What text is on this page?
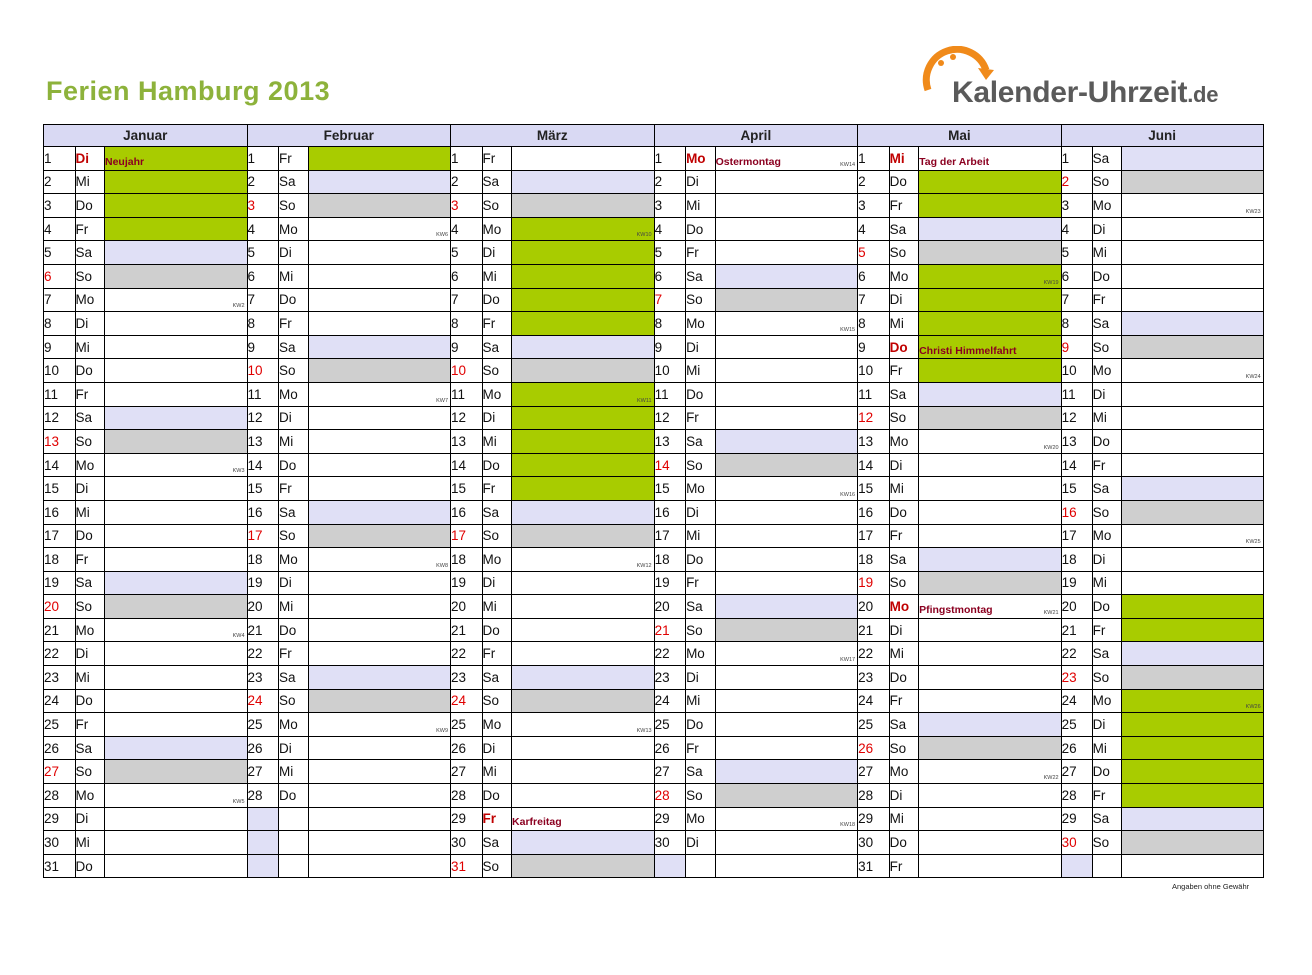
Ferien Hamburg 2013	Kalender-Uhrzeit.de
Januar			Februar			März			April			Mai			Juni		
1	Di	Neujahr	1	Fr		1	Fr		1	Mo	Ostermontag KW14	1	Mi	Tag der Arbeit	1	Sa	
2	Mi		2	Sa		2	Sa		2	Di		2	Do		2	So	
3	Do		3	So		3	So		3	Mi		3	Fr		3	Mo	KW23

4	Fr		4	Mo	KW6	4	Mo	KW10	4	Do		4	Sa		4	Di	
5	Sa		5	Di		5	Di		5	Fr		5	So		5	Mi	
6	So		6	Mi		6	Mi		6	Sa		6	Mo	KW19	6	Do	
7	Mo	KW2	7	Do		7	Do		7	So		7	Di		7	Fr	
8	Di		8	Fr		8	Fr		8	Mo	KW15	8	Mi		8	Sa	
9	Mi		9	Sa		9	Sa		9	Di		9	Do	Christi Himmelfahrt	9	So	
10	Do		10	So		10	So		10	Mi		10	Fr		10	Mo	KW24

11	Fr		11	Mo	KW7	11	Mo	KW11	11	Do		11	Sa		11	Di	
12	Sa		12	Di		12	Di		12	Fr		12	So		12	Mi	
13	So		13	Mi		13	Mi		13	Sa		13	Mo	KW20	13	Do	
14	Mo	KW3	14	Do		14	Do		14	So		14	Di		14	Fr	
15	Di		15	Fr		15	Fr		15	Mo	KW16	15	Mi		15	Sa	
16	Mi		16	Sa		16	Sa		16	Di		16	Do		16	So	
17	Do		17	So		17	So		17	Mi		17	Fr		17	Mo	KW25

18	Fr		18	Mo	KW8	18	Mo	KW12	18	Do		18	Sa		18	Di	
19	Sa		19	Di		19	Di		19	Fr		19	So		19	Mi	
20	So		20	Mi		20	Mi		20	Sa		20	Mo	Pfingstmontag KW21	20	Do	
21	Mo	KW4	21	Do		21	Do		21	So		21	Di		21	Fr	
22	Di		22	Fr		22	Fr		22	Mo	KW17	22	Mi		22	Sa	
23	Mi		23	Sa		23	Sa		23	Di		23	Do		23	So	
24	Do		24	So		24	So		24	Mi		24	Fr		24	Mo	KW26

25	Fr		25	Mo	KW9	25	Mo	KW13	25	Do		25	Sa		25	Di	
26	Sa		26	Di		26	Di		26	Fr		26	So		26	Mi	
27	So		27	Mi		27	Mi		27	Sa		27	Mo	KW22	27	Do	
28	Mo	KW5	28	Do		28	Do		28	So		28	Di		28	Fr	
29	Di					29	Fr	Karfreitag	29	Mo	KW18	29	Mi		29	Sa	
30	Mi					30	Sa		30	Di		30	Do		30	So	
31	Do					31	So					31	Fr				
Angaben ohne Gewähr
